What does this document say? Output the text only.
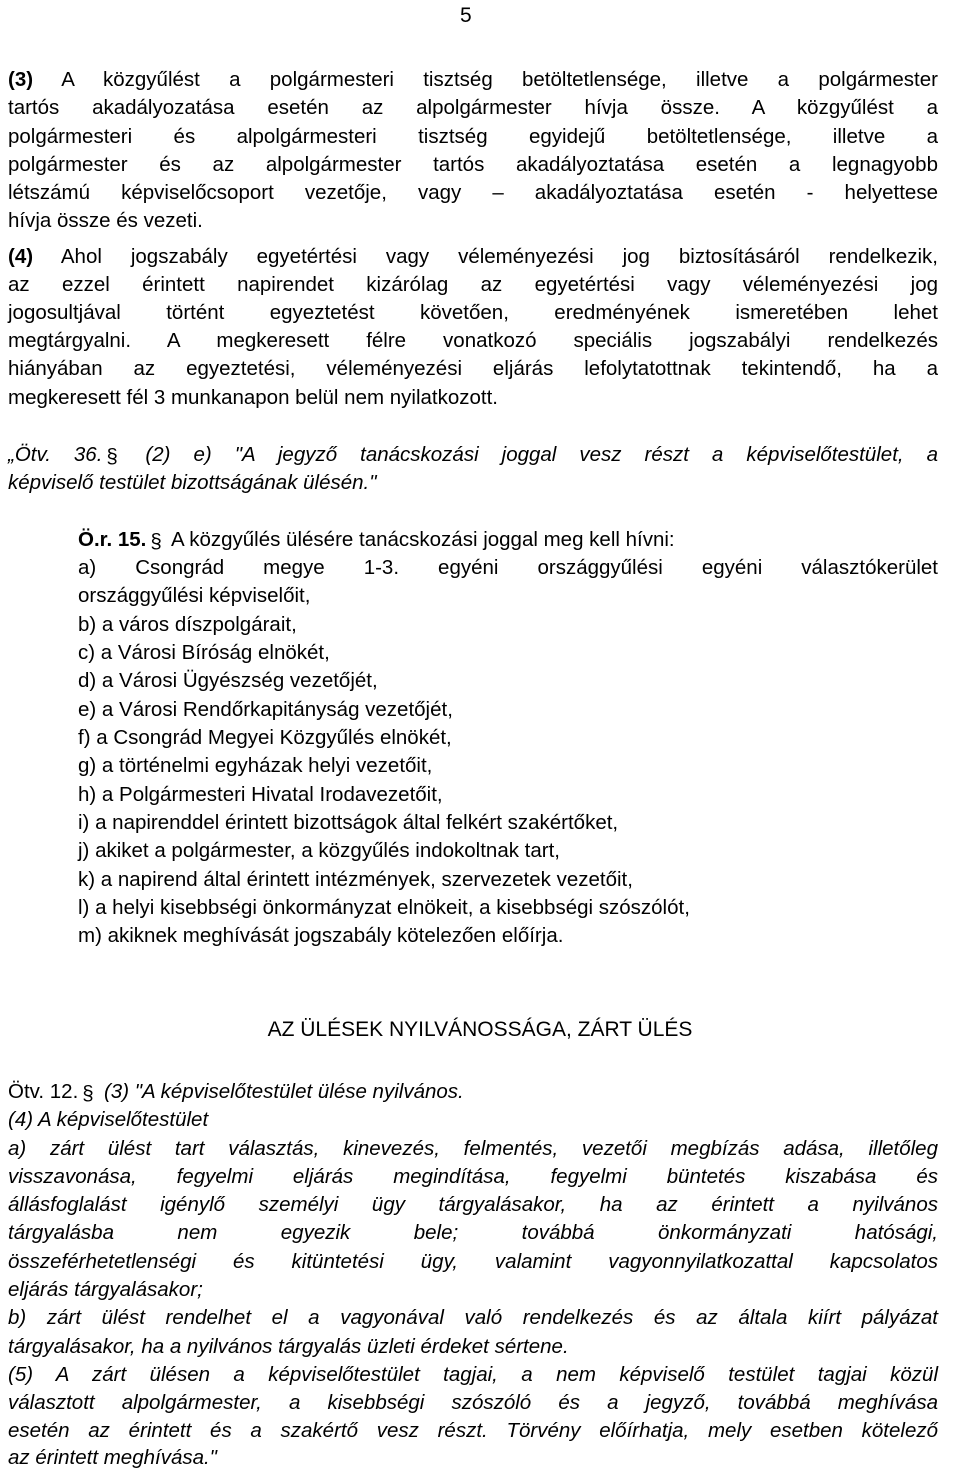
5
(3) A közgyűlést a polgármesteri tisztség betöltetlensége, illetve a polgármester
tartós akadályozatása esetén az alpolgármester hívja össze. A közgyűlést a
polgármesteri és alpolgármesteri tisztség egyidejű betöltetlensége, illetve a
polgármester és az alpolgármester tartós akadályoztatása esetén a legnagyobb
létszámú képviselőcsoport vezetője, vagy – akadályoztatása esetén - helyettese
hívja össze és vezeti.
(4) Ahol jogszabály egyetértési vagy véleményezési jog biztosításáról rendelkezik,
az ezzel érintett napirendet kizárólag az egyetértési vagy véleményezési jog
jogosultjával történt egyeztetést követően, eredményének ismeretében lehet
megtárgyalni. A megkeresett félre vonatkozó speciális jogszabályi rendelkezés
hiányában az egyeztetési, véleményezési eljárás lefolytatottnak tekintendő, ha a
megkeresett fél 3 munkanapon belül nem nyilatkozott.
„Ötv. 36. § (2) e) "A jegyző tanácskozási joggal vesz részt a képviselőtestület, a
képviselő testület bizottságának ülésén."
Ö.r. 15. § A közgyűlés ülésére tanácskozási joggal meg kell hívni:
a) Csongrád megye 1-3. egyéni országgyűlési egyéni választókerület
országgyűlési képviselőit,
b) a város díszpolgárait,
c) a Városi Bíróság elnökét,
d) a Városi Ügyészség vezetőjét,
e) a Városi Rendőrkapitányság vezetőjét,
f) a Csongrád Megyei Közgyűlés elnökét,
g) a történelmi egyházak helyi vezetőit,
h) a Polgármesteri Hivatal Irodavezetőit,
i) a napirenddel érintett bizottságok által felkért szakértőket,
j) akiket a polgármester, a közgyűlés indokoltnak tart,
k) a napirend által érintett intézmények, szervezetek vezetőit,
l) a helyi kisebbségi önkormányzat elnökeit, a kisebbségi szószólót,
m) akiknek meghívását jogszabály kötelezően előírja.
AZ ÜLÉSEK NYILVÁNOSSÁGA, ZÁRT ÜLÉS
Ötv. 12. § (3) "A képviselőtestület ülése nyilvános.
(4) A képviselőtestület
a) zárt ülést tart választás, kinevezés, felmentés, vezetői megbízás adása, illetőleg
visszavonása, fegyelmi eljárás megindítása, fegyelmi büntetés kiszabása és
állásfoglalást igénylő személyi ügy tárgyalásakor, ha az érintett a nyilvános
tárgyalásba nem egyezik bele; továbbá önkormányzati hatósági,
összeférhetetlenségi és kitüntetési ügy, valamint vagyonnyilatkozattal kapcsolatos
eljárás tárgyalásakor;
b) zárt ülést rendelhet el a vagyonával való rendelkezés és az általa kiírt pályázat
tárgyalásakor, ha a nyilvános tárgyalás üzleti érdeket sértene.
(5) A zárt ülésen a képviselőtestület tagjai, a nem képviselő testület tagjai közül
választott alpolgármester, a kisebbségi szószóló és a jegyző, továbbá meghívása
esetén az érintett és a szakértő vesz részt. Törvény előírhatja, mely esetben kötelező
az érintett meghívása."
